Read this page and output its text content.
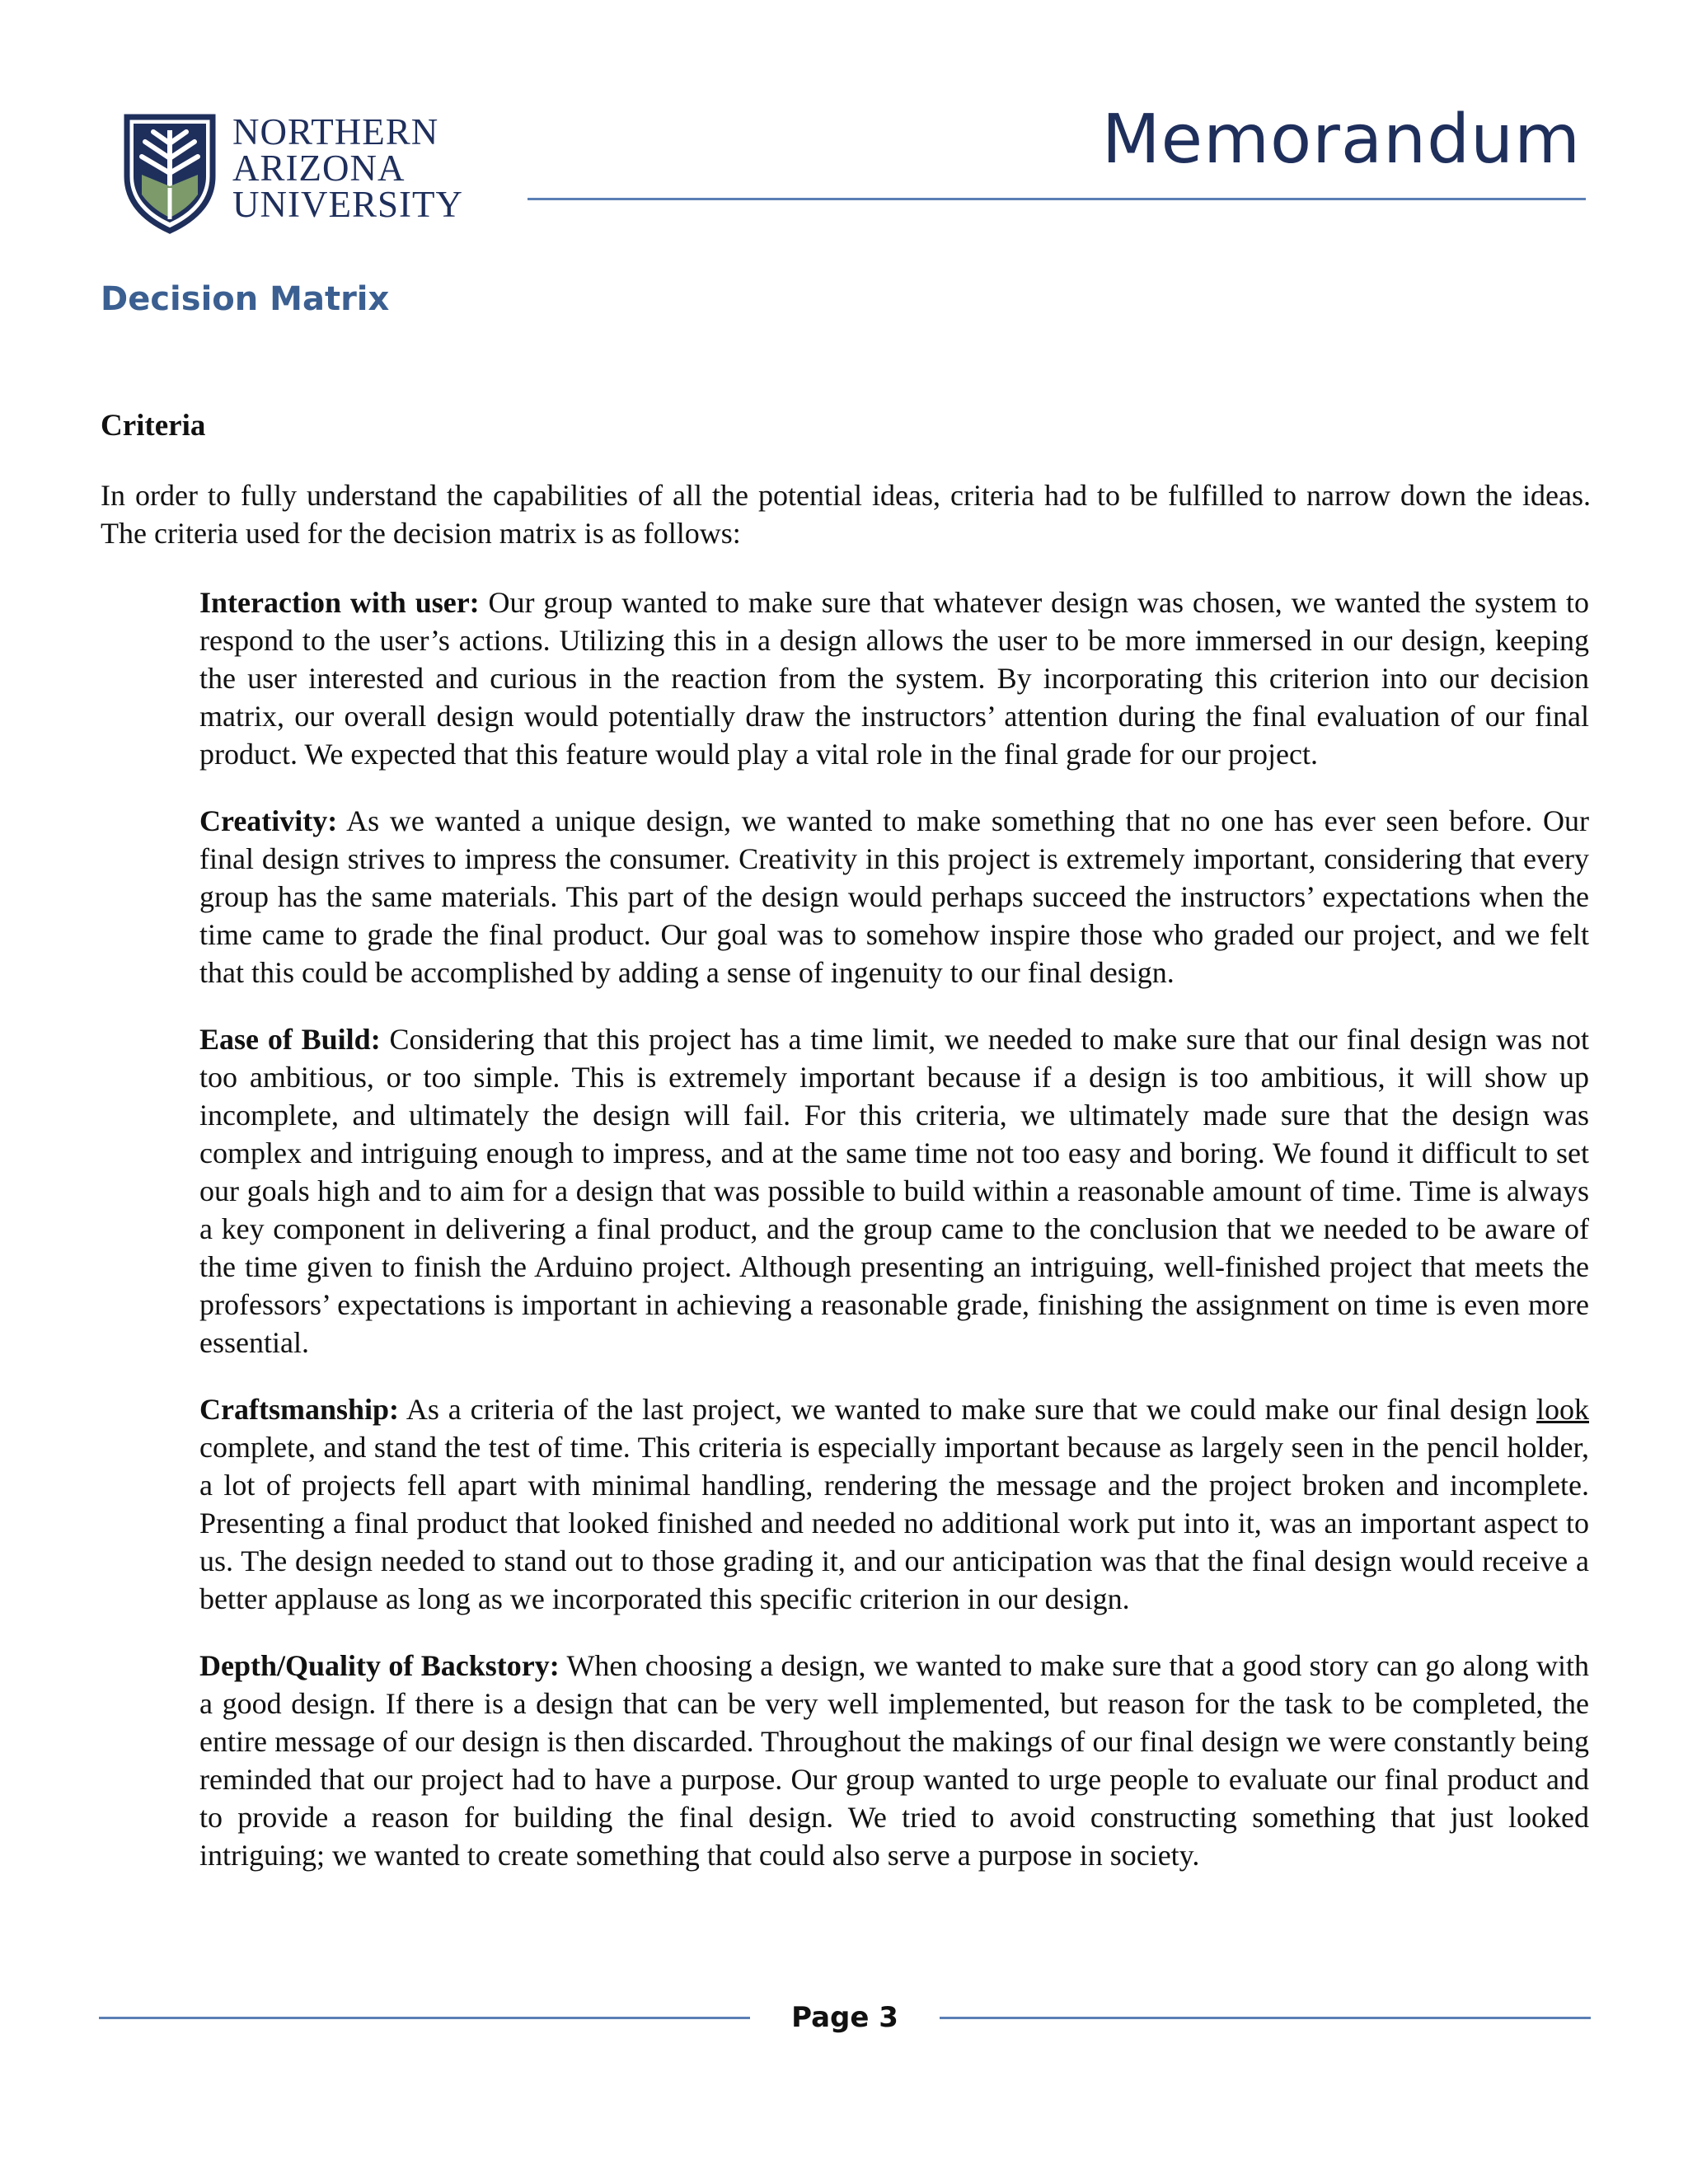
NORTHERN
ARIZONA
UNIVERSITY
Memorandum
Decision Matrix
Criteria

In order to fully understand the capabilities of all the potential ideas, criteria had to be fulfilled to narrow down the ideas. The criteria used for the decision matrix is as follows:

Interaction with user: Our group wanted to make sure that whatever design was chosen, we wanted the system to respond to the user’s actions. Utilizing this in a design allows the user to be more immersed in our design, keeping the user interested and curious in the reaction from the system. By incorporating this criterion into our decision matrix, our overall design would potentially draw the instructors’ attention during the final evaluation of our final product. We expected that this feature would play a vital role in the final grade for our project.

Creativity: As we wanted a unique design, we wanted to make something that no one has ever seen before. Our final design strives to impress the consumer. Creativity in this project is extremely important, considering that every group has the same materials. This part of the design would perhaps succeed the instructors’ expectations when the time came to grade the final product. Our goal was to somehow inspire those who graded our project, and we felt that this could be accomplished by adding a sense of ingenuity to our final design.

Ease of Build: Considering that this project has a time limit, we needed to make sure that our final design was not too ambitious, or too simple. This is extremely important because if a design is too ambitious, it will show up incomplete, and ultimately the design will fail. For this criteria, we ultimately made sure that the design was complex and intriguing enough to impress, and at the same time not too easy and boring. We found it difficult to set our goals high and to aim for a design that was possible to build within a reasonable amount of time. Time is always a key component in delivering a final product, and the group came to the conclusion that we needed to be aware of the time given to finish the Arduino project. Although presenting an intriguing, well-finished project that meets the professors’ expectations is important in achieving a reasonable grade, finishing the assignment on time is even more essential.

Craftsmanship: As a criteria of the last project, we wanted to make sure that we could make our final design look complete, and stand the test of time. This criteria is especially important because as largely seen in the pencil holder, a lot of projects fell apart with minimal handling, rendering the message and the project broken and incomplete. Presenting a final product that looked finished and needed no additional work put into it, was an important aspect to us. The design needed to stand out to those grading it, and our anticipation was that the final design would receive a better applause as long as we incorporated this specific criterion in our design.

Depth/Quality of Backstory: When choosing a design, we wanted to make sure that a good story can go along with a good design. If there is a design that can be very well implemented, but reason for the task to be completed, the entire message of our design is then discarded. Throughout the makings of our final design we were constantly being reminded that our project had to have a purpose. Our group wanted to urge people to evaluate our final product and to provide a reason for building the final design. We tried to avoid constructing something that just looked intriguing; we wanted to create something that could also serve a purpose in society.

Page 3
